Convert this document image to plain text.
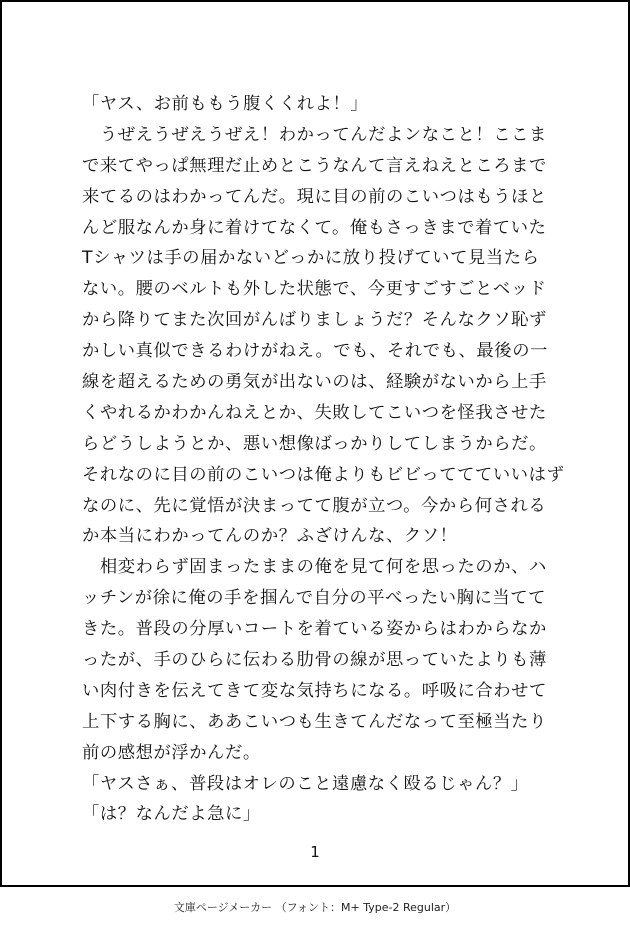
「ヤス、お前ももう腹くくれよ！」
　うぜえうぜえうぜえ！わかってんだよンなこと！ここま
で来てやっぱ無理だ止めとこうなんて言えねえところまで
来てるのはわかってんだ。現に目の前のこいつはもうほと
んど服なんか身に着けてなくて。俺もさっきまで着ていた
Tシャツは手の届かないどっかに放り投げていて見当たら
ない。腰のベルトも外した状態で、今更すごすごとベッド
から降りてまた次回がんばりましょうだ？そんなクソ恥ず
かしい真似できるわけがねえ。でも、それでも、最後の一
線を超えるための勇気が出ないのは、経験がないから上手
くやれるかわかんねえとか、失敗してこいつを怪我させた
らどうしようとか、悪い想像ばっかりしてしまうからだ。
それなのに目の前のこいつは俺よりもビビっててていいはず
なのに、先に覚悟が決まってて腹が立つ。今から何される
か本当にわかってんのか？ふざけんな、クソ！
　相変わらず固まったままの俺を見て何を思ったのか、ハ
ッチンが徐に俺の手を掴んで自分の平べったい胸に当てて
きた。普段の分厚いコートを着ている姿からはわからなか
ったが、手のひらに伝わる肋骨の線が思っていたよりも薄
い肉付きを伝えてきて変な気持ちになる。呼吸に合わせて
上下する胸に、ああこいつも生きてんだなって至極当たり
前の感想が浮かんだ。
「ヤスさぁ、普段はオレのこと遠慮なく殴るじゃん？」
「は？なんだよ急に」
1
文庫ページメーカー （フォント：M+ Type-2 Regular）
